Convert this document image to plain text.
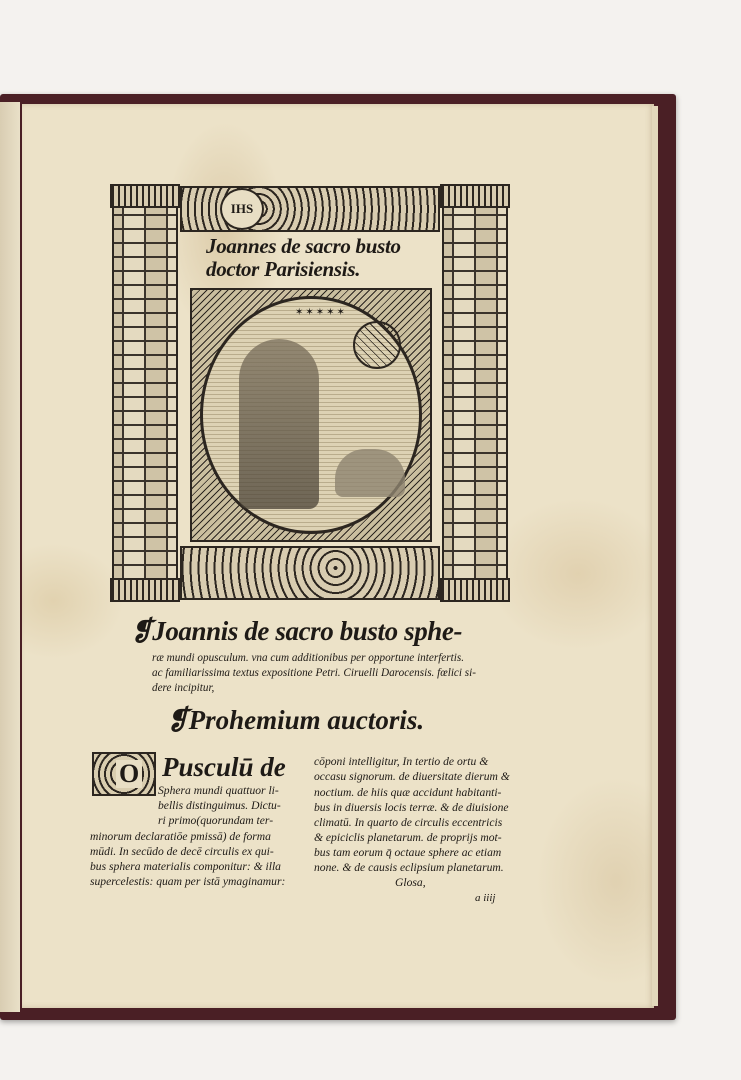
IHS
Joannes de sacro busto
doctor Parisiensis.
✶✶✶✶✶
❡Joannis de sacro busto sphe-
ræ mundi opusculum. vna cum additionibus per opportune interfertis.
ac familiarissima textus expositione Petri. Ciruelli Darocensis. fœlici si-
dere incipitur,
❡Prohemium auctoris.
O Pusculū de
Sphera mundi quattuor li-
bellis distinguimus. Dictu-
ri primo(quorundam ter-
minorum declaratiōe pmissā) de forma
mūdi. In secūdo de decē circulis ex qui-
bus sphera materialis componitur: & illa
supercelestis: quam per istā ymaginamur:
cōponi intelligitur, In tertio de ortu &
occasu signorum. de diuersitate dierum &
noctium. de hiis quæ accidunt habitanti-
bus in diuersis locis terræ. & de diuisione
climatū. In quarto de circulis eccentricis
& epiciclis planetarum. de proprijs mot-
bus tam eorum q̄ octaue sphere ac etiam
none. & de causis eclipsium planetarum.
Glosa,
a iiij
